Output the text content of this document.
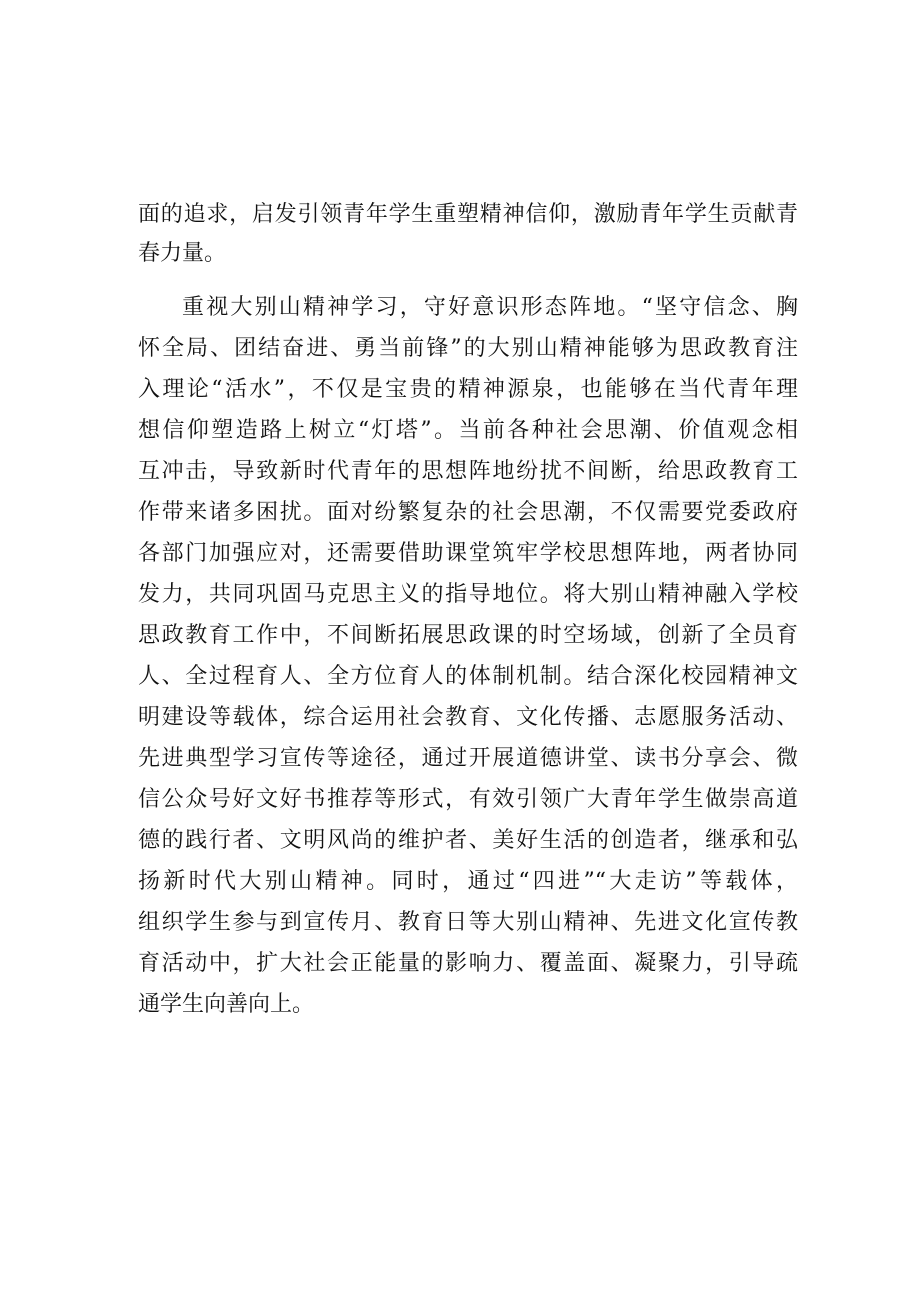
面的追求，启发引领青年学生重塑精神信仰，激励青年学生贡献青
春力量。
重视大别山精神学习，守好意识形态阵地。“坚守信念、胸
怀全局、团结奋进、勇当前锋”的大别山精神能够为思政教育注
入理论“活水”，不仅是宝贵的精神源泉，也能够在当代青年理
想信仰塑造路上树立“灯塔”。当前各种社会思潮、价值观念相
互冲击，导致新时代青年的思想阵地纷扰不间断，给思政教育工
作带来诸多困扰。面对纷繁复杂的社会思潮，不仅需要党委政府
各部门加强应对，还需要借助课堂筑牢学校思想阵地，两者协同
发力，共同巩固马克思主义的指导地位。将大别山精神融入学校
思政教育工作中，不间断拓展思政课的时空场域，创新了全员育
人、全过程育人、全方位育人的体制机制。结合深化校园精神文
明建设等载体，综合运用社会教育、文化传播、志愿服务活动、
先进典型学习宣传等途径，通过开展道德讲堂、读书分享会、微
信公众号好文好书推荐等形式，有效引领广大青年学生做崇高道
德的践行者、文明风尚的维护者、美好生活的创造者，继承和弘
扬新时代大别山精神。同时，通过“四进”“大走访”等载体，
组织学生参与到宣传月、教育日等大别山精神、先进文化宣传教
育活动中，扩大社会正能量的影响力、覆盖面、凝聚力，引导疏
通学生向善向上。
